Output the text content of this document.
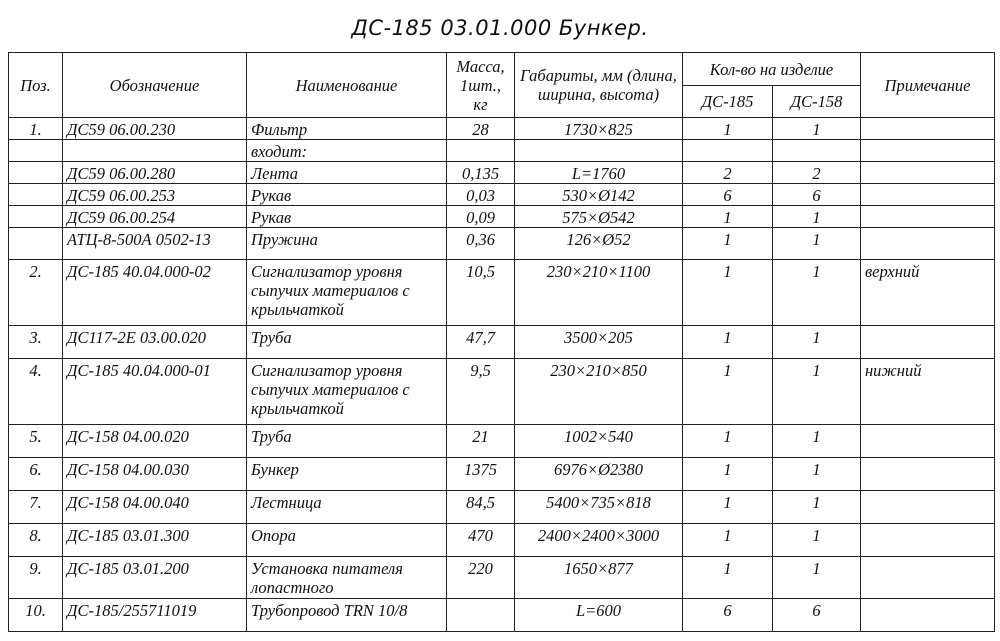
ДС-185 03.01.000 Бункер.
Поз.	Обозначение	Наименование	Масса, 1шт., кг	Габариты, мм (длина, ширина, высота)	Кол-во на изделие		Примечание
					ДС-185	ДС-158	
1.	ДС59 06.00.230	Фильтр	28	1730×825	1	1	
		входит:					
	ДС59 06.00.280	Лента	0,135	L=1760	2	2	
	ДС59 06.00.253	Рукав	0,03	530×Ø142	6	6	
	ДС59 06.00.254	Рукав	0,09	575×Ø542	1	1	
	АТЦ-8-500А 0502-13	Пружина	0,36	126×Ø52	1	1	
2.	ДС-185 40.04.000-02	Сигнализатор уровня сыпучих материалов с крыльчаткой	10,5	230×210×1100	1	1	верхний
3.	ДС117-2Е 03.00.020	Труба	47,7	3500×205	1	1	
4.	ДС-185 40.04.000-01	Сигнализатор уровня сыпучих материалов с крыльчаткой	9,5	230×210×850	1	1	нижний
5.	ДС-158 04.00.020	Труба	21	1002×540	1	1	
6.	ДС-158 04.00.030	Бункер	1375	6976×Ø2380	1	1	
7.	ДС-158 04.00.040	Лестница	84,5	5400×735×818	1	1	
8.	ДС-185 03.01.300	Опора	470	2400×2400×3000	1	1	
9.	ДС-185 03.01.200	Установка питателя лопастного	220	1650×877	1	1	
10.	ДС-185/255711019	Трубопровод TRN 10/8		L=600	6	6	
